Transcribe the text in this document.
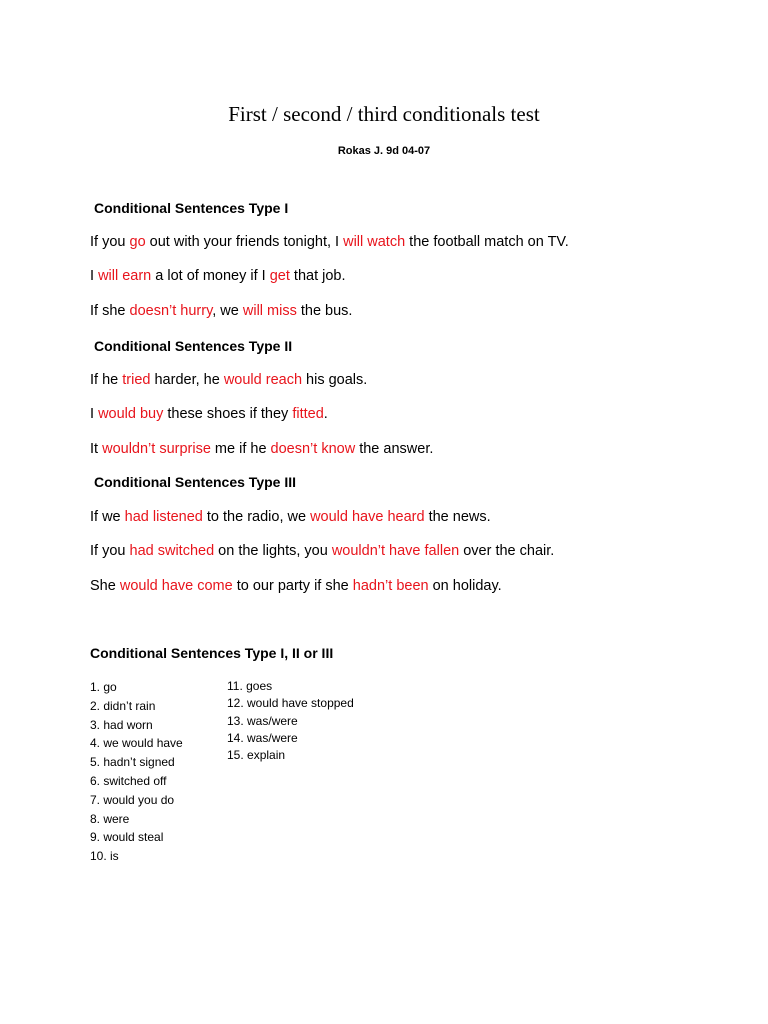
First / second / third conditionals test
Rokas J. 9d 04-07
Conditional Sentences Type I

If you go out with your friends tonight, I will watch the football match on TV.

I will earn a lot of money if I get that job.

If she doesn’t hurry, we will miss the bus.

Conditional Sentences Type II

If he tried harder, he would reach his goals.

I would buy these shoes if they fitted.

It wouldn’t surprise me if he doesn’t know the answer.

Conditional Sentences Type III

If we had listened to the radio, we would have heard the news.

If you had switched on the lights, you wouldn’t have fallen over the chair.

She would have come to our party if she hadn’t been on holiday.

Conditional Sentences Type I, II or III
1. go
2. didn’t rain
3. had worn
4. we would have
5. hadn’t signed
6. switched off
7. would you do
8. were
9. would steal
10. is
11. goes
12. would have stopped
13. was/were
14. was/were
15. explain
